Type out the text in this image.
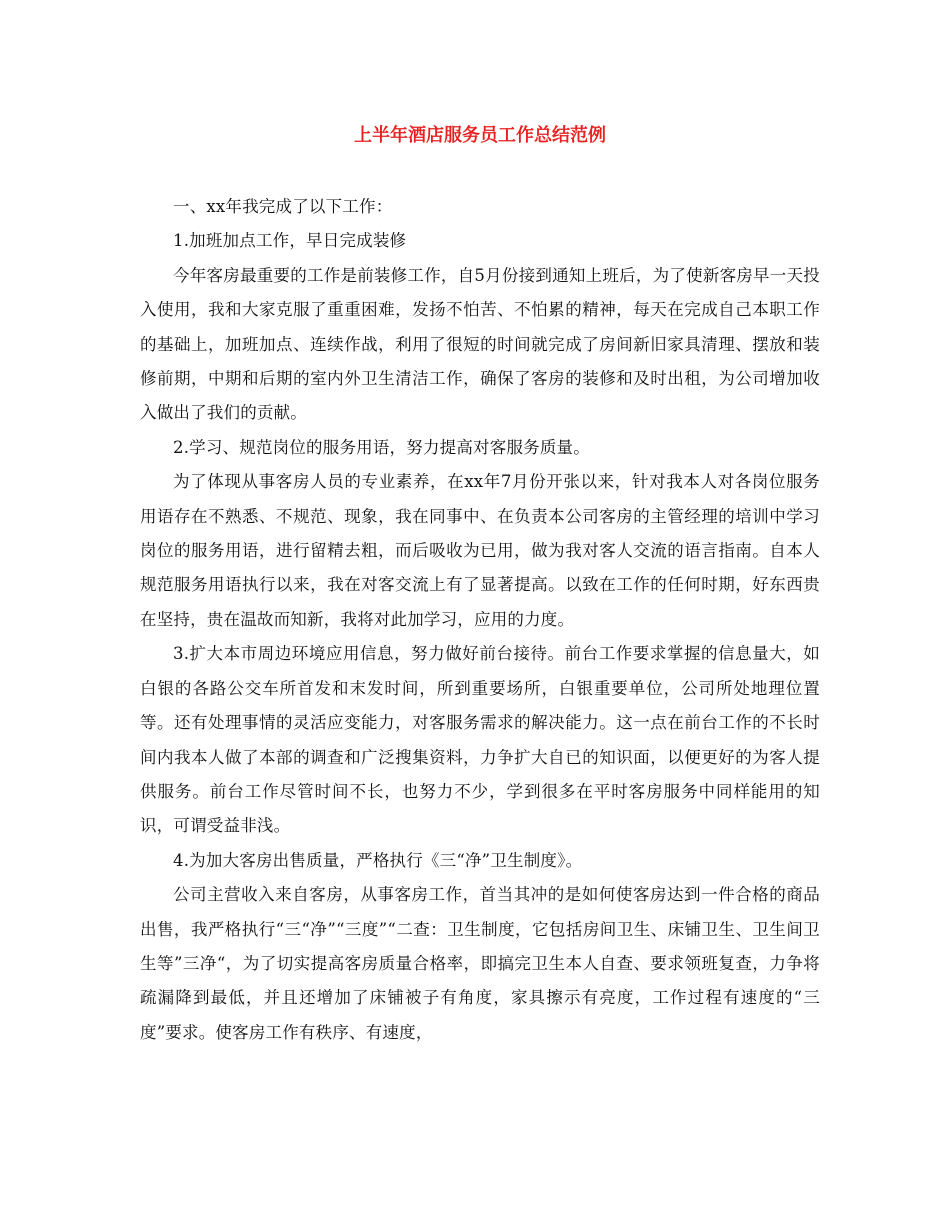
上半年酒店服务员工作总结范例

一、xx年我完成了以下工作：

1.加班加点工作，早日完成装修

今年客房最重要的工作是前装修工作，自5月份接到通知上班后，为了使新客房早一天投入使用，我和大家克服了重重困难，发扬不怕苦、不怕累的精神，每天在完成自己本职工作的基础上，加班加点、连续作战，利用了很短的时间就完成了房间新旧家具清理、摆放和装修前期，中期和后期的室内外卫生清洁工作，确保了客房的装修和及时出租，为公司增加收入做出了我们的贡献。

2.学习、规范岗位的服务用语，努力提高对客服务质量。

为了体现从事客房人员的专业素养，在xx年7月份开张以来，针对我本人对各岗位服务用语存在不熟悉、不规范、现象，我在同事中、在负责本公司客房的主管经理的培训中学习岗位的服务用语，进行留精去粗，而后吸收为已用，做为我对客人交流的语言指南。自本人规范服务用语执行以来，我在对客交流上有了显著提高。以致在工作的任何时期，好东西贵在坚持，贵在温故而知新，我将对此加学习，应用的力度。

3.扩大本市周边环境应用信息，努力做好前台接待。前台工作要求掌握的信息量大，如白银的各路公交车所首发和末发时间，所到重要场所，白银重要单位，公司所处地理位置等。还有处理事情的灵活应变能力，对客服务需求的解决能力。这一点在前台工作的不长时间内我本人做了本部的调查和广泛搜集资料，力争扩大自已的知识面，以便更好的为客人提供服务。前台工作尽管时间不长，也努力不少，学到很多在平时客房服务中同样能用的知识，可谓受益非浅。

4.为加大客房出售质量，严格执行《三“净”卫生制度》。

公司主营收入来自客房，从事客房工作，首当其冲的是如何使客房达到一件合格的商品出售，我严格执行“三“净”“三度”“二查：卫生制度，它包括房间卫生、床铺卫生、卫生间卫生等”三净“，为了切实提高客房质量合格率，即搞完卫生本人自查、要求领班复查，力争将疏漏降到最低，并且还增加了床铺被子有角度，家具擦示有亮度，工作过程有速度的“三度”要求。使客房工作有秩序、有速度，
